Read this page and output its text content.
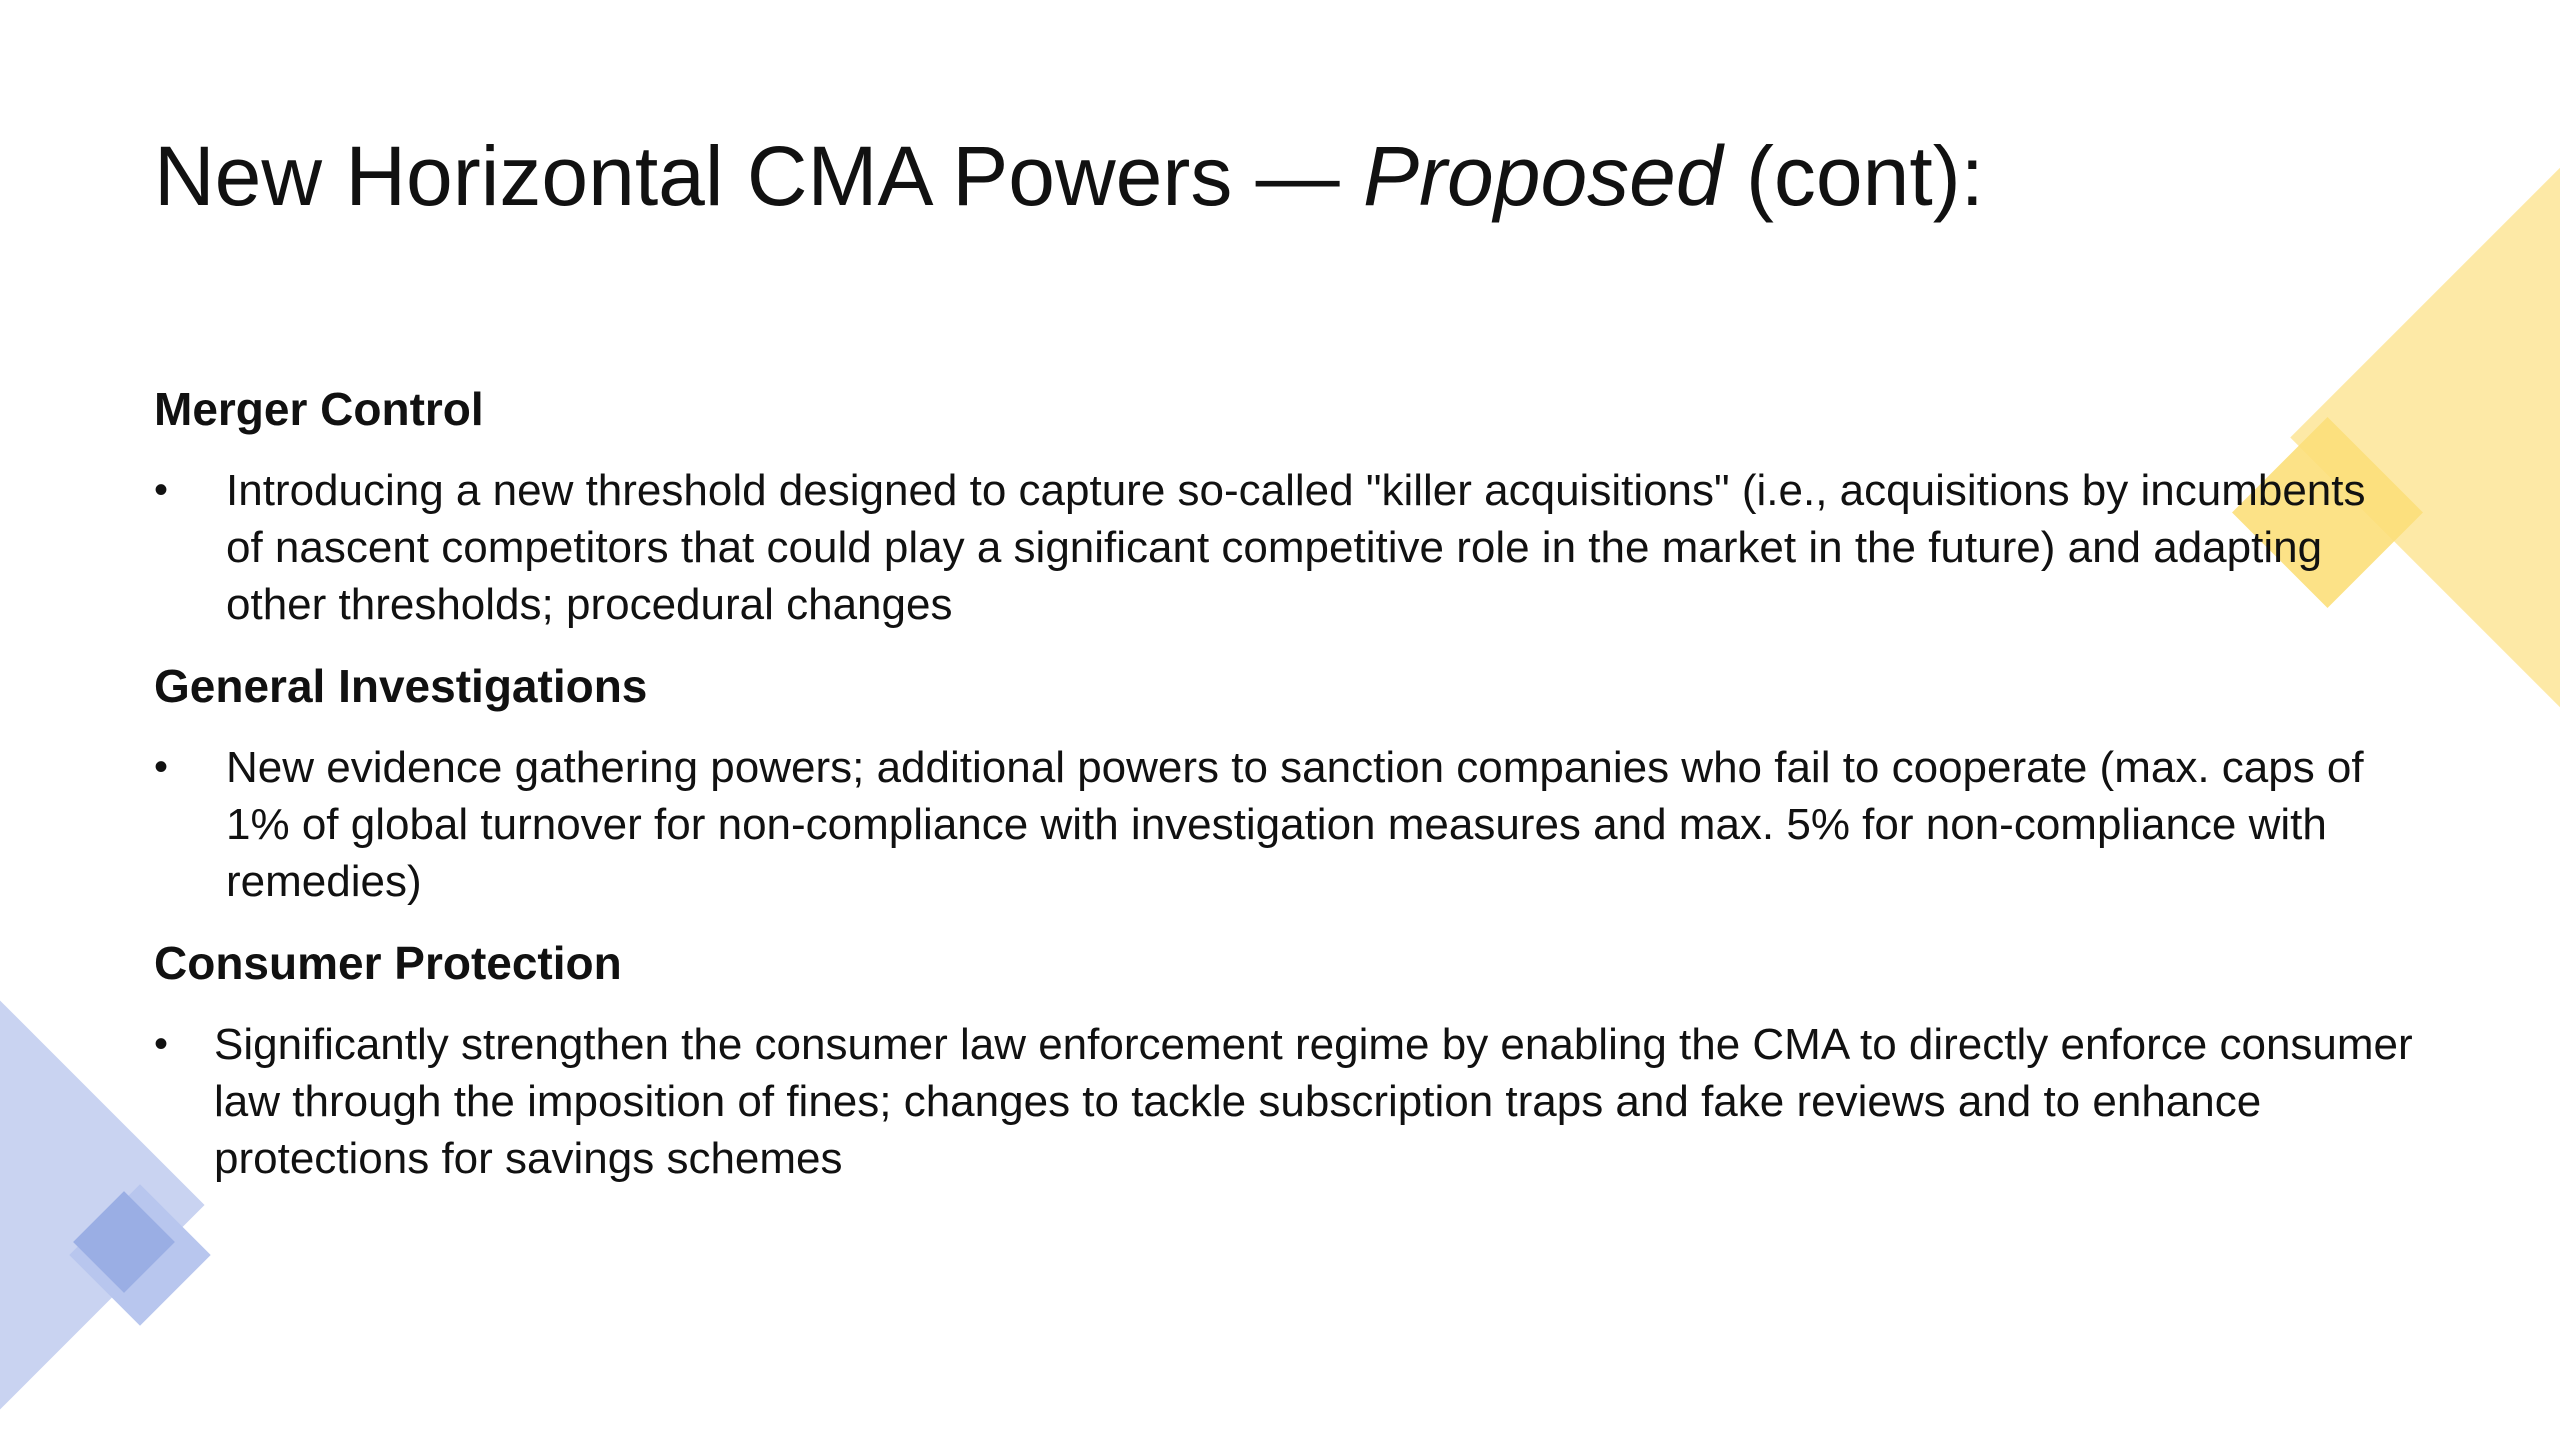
New Horizontal CMA Powers — Proposed (cont):
Merger Control
• Introducing a new threshold designed to capture so-called "killer acquisitions" (i.e., acquisitions by incumbents of nascent competitors that could play a significant competitive role in the market in the future) and adapting other thresholds; procedural changes
General Investigations
• New evidence gathering powers; additional powers to sanction companies who fail to cooperate (max. caps of 1% of global turnover for non-compliance with investigation measures and max. 5% for non-compliance with remedies)
Consumer Protection
• Significantly strengthen the consumer law enforcement regime by enabling the CMA to directly enforce consumer law through the imposition of fines; changes to tackle subscription traps and fake reviews and to enhance protections for savings schemes
